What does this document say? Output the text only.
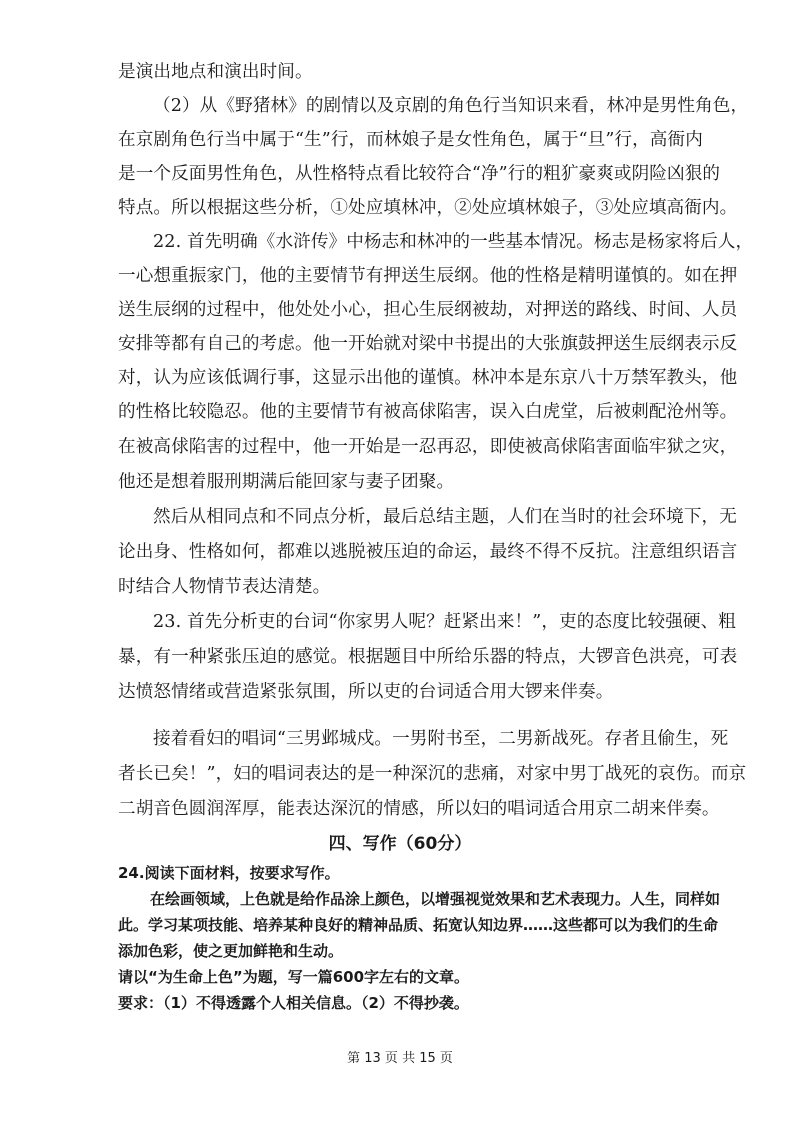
是演出地点和演出时间。
（2）从《野猪林》的剧情以及京剧的角色行当知识来看，林冲是男性角色，
在京剧角色行当中属于“生”行，而林娘子是女性角色，属于“旦”行，高衙内
是一个反面男性角色，从性格特点看比较符合“净”行的粗犷豪爽或阴险凶狠的
特点。所以根据这些分析，①处应填林冲，②处应填林娘子，③处应填高衙内。
22. 首先明确《水浒传》中杨志和林冲的一些基本情况。杨志是杨家将后人，
一心想重振家门，他的主要情节有押送生辰纲。他的性格是精明谨慎的。如在押
送生辰纲的过程中，他处处小心，担心生辰纲被劫，对押送的路线、时间、人员
安排等都有自己的考虑。他一开始就对梁中书提出的大张旗鼓押送生辰纲表示反
对，认为应该低调行事，这显示出他的谨慎。林冲本是东京八十万禁军教头，他
的性格比较隐忍。他的主要情节有被高俅陷害，误入白虎堂，后被刺配沧州等。
在被高俅陷害的过程中，他一开始是一忍再忍，即使被高俅陷害面临牢狱之灾，
他还是想着服刑期满后能回家与妻子团聚。
然后从相同点和不同点分析，最后总结主题，人们在当时的社会环境下，无
论出身、性格如何，都难以逃脱被压迫的命运，最终不得不反抗。注意组织语言
时结合人物情节表达清楚。
23. 首先分析吏的台词“你家男人呢？赶紧出来！”，吏的态度比较强硬、粗
暴，有一种紧张压迫的感觉。根据题目中所给乐器的特点，大锣音色洪亮，可表
达愤怒情绪或营造紧张氛围，所以吏的台词适合用大锣来伴奏。
接着看妇的唱词“三男邺城戍。一男附书至，二男新战死。存者且偷生，死
者长已矣！”，妇的唱词表达的是一种深沉的悲痛，对家中男丁战死的哀伤。而京
四、写作（60分）
24.阅读下面材料，按要求写作。
在绘画领域，上色就是给作品涂上颜色，以增强视觉效果和艺术表现力。人生，同样如
此。学习某项技能、培养某种良好的精神品质、拓宽认知边界……这些都可以为我们的生命
添加色彩，使之更加鲜艳和生动。
请以“为生命上色”为题，写一篇600字左右的文章。
要求：（1）不得透露个人相关信息。（2）不得抄袭。
第 13 页 共 15 页
二胡音色圆润浑厚，能表达深沉的情感，所以妇的唱词适合用京二胡来伴奏。
